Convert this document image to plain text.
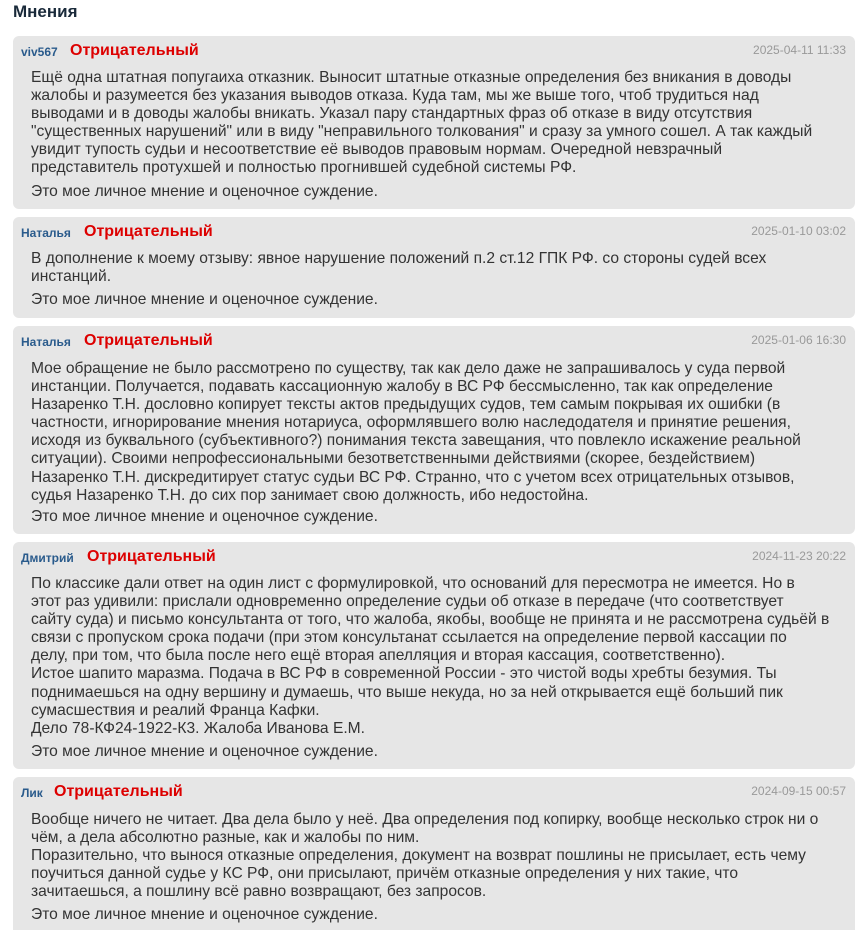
Мнения
viv567 Отрицательный	2025-04-11 11:33
Ещё одна штатная попугаиха отказник. Выносит штатные отказные определения без вникания в доводы
жалобы и разумеется без указания выводов отказа. Куда там, мы же выше того, чтоб трудиться над
выводами и в доводы жалобы вникать. Указал пару стандартных фраз об отказе в виду отсутствия
"существенных нарушений" или в виду "неправильного толкования" и сразу за умного сошел. А так каждый
увидит тупость судьи и несоответствие её выводов правовым нормам. Очередной невзрачный
представитель протухшей и полностью прогнившей судебной системы РФ.
Это мое личное мнение и оценочное суждение.
Наталья Отрицательный	2025-01-10 03:02
В дополнение к моему отзыву: явное нарушение положений п.2 ст.12 ГПК РФ. со стороны судей всех
инстанций.
Это мое личное мнение и оценочное суждение.
Наталья Отрицательный	2025-01-06 16:30
Мое обращение не было рассмотрено по существу, так как дело даже не запрашивалось у суда первой
инстанции. Получается, подавать кассационную жалобу в ВС РФ бессмысленно, так как определение
Назаренко Т.Н. дословно копирует тексты актов предыдущих судов, тем самым покрывая их ошибки (в
частности, игнорирование мнения нотариуса, оформлявшего волю наследодателя и принятие решения,
исходя из буквального (субъективного?) понимания текста завещания, что повлекло искажение реальной
ситуации). Своими непрофессиональными безответственными действиями (скорее, бездействием)
Назаренко Т.Н. дискредитирует статус судьи ВС РФ. Странно, что с учетом всех отрицательных отзывов,
судья Назаренко Т.Н. до сих пор занимает свою должность, ибо недостойна.
Это мое личное мнение и оценочное суждение.
Дмитрий Отрицательный	2024-11-23 20:22
По классике дали ответ на один лист с формулировкой, что оснований для пересмотра не имеется. Но в
этот раз удивили: прислали одновременно определение судьи об отказе в передаче (что соответствует
сайту суда) и письмо консультанта от того, что жалоба, якобы, вообще не принята и не рассмотрена судьёй в
связи с пропуском срока подачи (при этом консультанат ссылается на определение первой кассации по
делу, при том, что была после него ещё вторая апелляция и вторая кассация, соответственно).
Истое шапито маразма. Подача в ВС РФ в современной России - это чистой воды хребты безумия. Ты
поднимаешься на одну вершину и думаешь, что выше некуда, но за ней открывается ещё больший пик
сумасшествия и реалий Франца Кафки.
Дело 78-КФ24-1922-К3. Жалоба Иванова Е.М.
Это мое личное мнение и оценочное суждение.
Лик Отрицательный	2024-09-15 00:57
Вообще ничего не читает. Два дела было у неё. Два определения под копирку, вообще несколько строк ни о
чём, а дела абсолютно разные, как и жалобы по ним.
Поразительно, что вынося отказные определения, документ на возврат пошлины не присылает, есть чему
поучиться данной судье у КС РФ, они присылают, причём отказные определения у них такие, что
зачитаешься, а пошлину всё равно возвращают, без запросов.
Это мое личное мнение и оценочное суждение.
